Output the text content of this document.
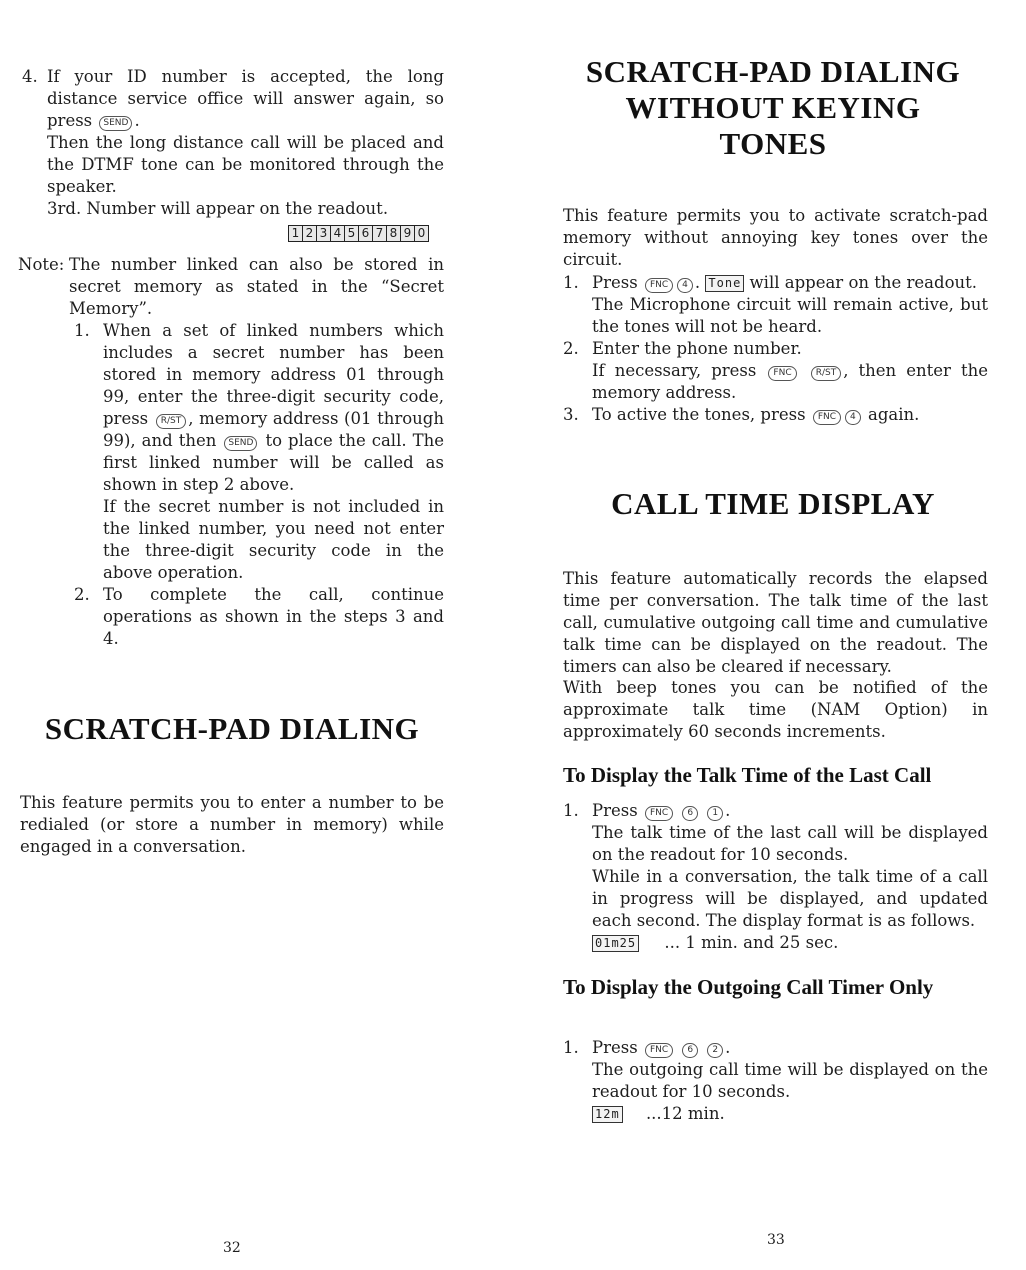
4. If your ID number is accepted, the long distance service office will answer again, so press SEND .

Then the long distance call will be placed and the DTMF tone can be monitored through the speaker.

3rd. Number will appear on the readout.

1 2 3 4 5 6 7 8 9 0
Note: The number linked can also be stored in secret memory as stated in the “Secret Memory”.

1. When a set of linked numbers which includes a secret number has been stored in memory address 01 through 99, enter the three-digit security code, press R/ST , memory address (01 through 99), and then SEND to place the call. The first linked number will be called as shown in step 2 above.

If the secret number is not included in the linked number, you need not enter the three-digit security code in the above operation.

2. To complete the call, continue operations as shown in the steps 3 and 4.

SCRATCH-PAD DIALING

This feature permits you to enter a number to be redialed (or store a number in memory) while engaged in a conversation.

32
SCRATCH-PAD DIALING
WITHOUT KEYING
TONES

This feature permits you to activate scratch-pad memory without annoying key tones over the circuit.

1. Press FNC 4 . Tone will appear on the readout.

The Microphone circuit will remain active, but the tones will not be heard.

2. Enter the phone number.

If necessary, press FNC	R/ST , then enter the memory address.
3. To active the tones, press FNC 4 again.
CALL TIME DISPLAY

This feature automatically records the elapsed time per conversation. The talk time of the last call, cumulative outgoing call time and cumulative talk time can be displayed on the readout. The timers can also be cleared if necessary.

With beep tones you can be notified of the approximate talk time (NAM Option) in approximately 60 seconds increments.

To Display the Talk Time of the Last Call
1. Press FNC 6 1 .

The talk time of the last call will be displayed on the readout for 10 seconds.

While in a conversation, the talk time of a call in progress will be displayed, and updated each second. The display format is as follows.

01m25 ... 1 min. and 25 sec.
To Display the Outgoing Call Timer Only
1. Press FNC 6 2 .

The outgoing call time will be displayed on the readout for 10 seconds.

12m ...12 min.
33
